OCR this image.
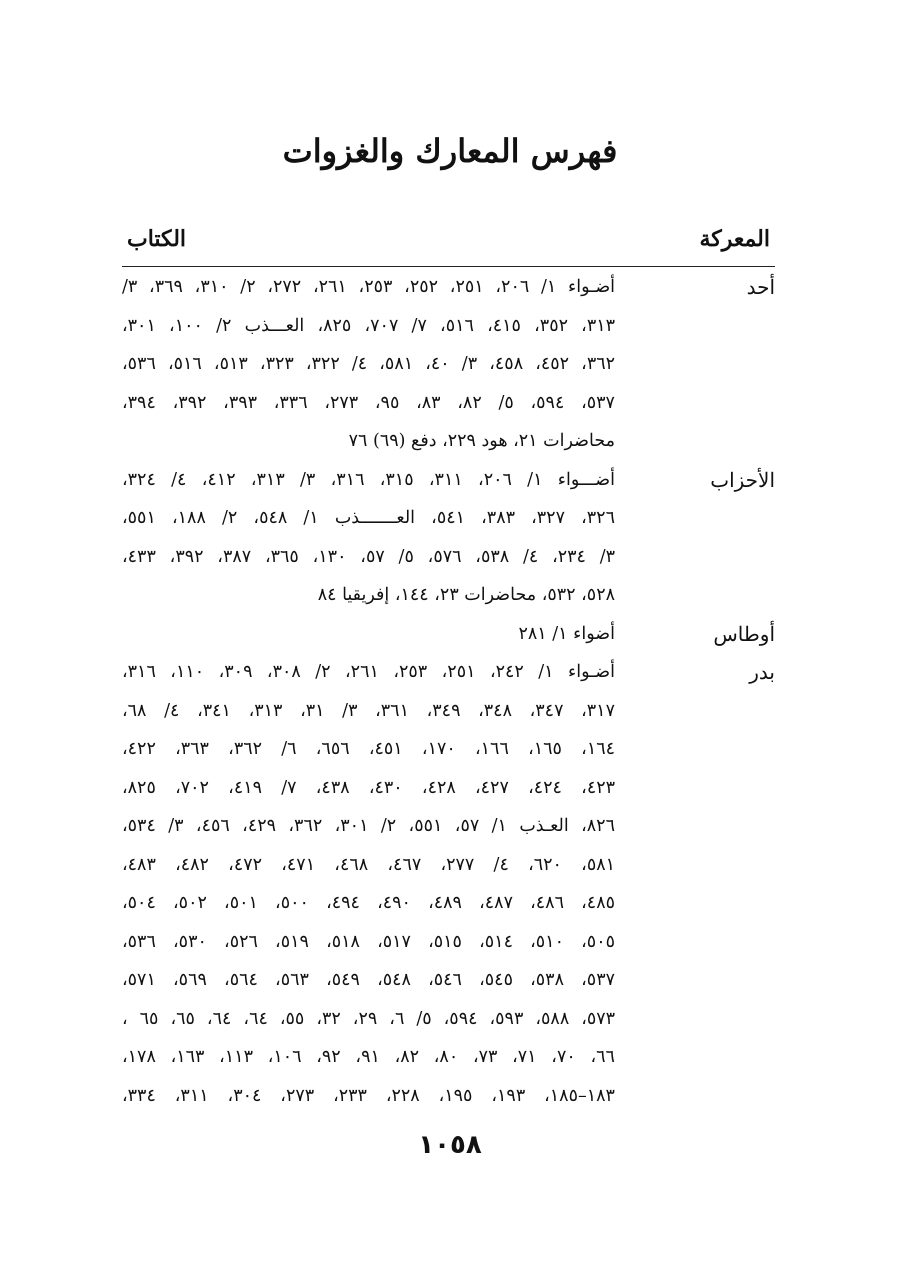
فهرس المعارك والغزوات
المعركة
الكتاب
أحد
أضـواء ١/ ٢٠٦، ٢٥١، ٢٥٢، ٢٥٣، ٢٦١، ٢٧٢، ٢/ ٣١٠، ٣٦٩، ٣/
٣١٣، ٣٥٢، ٤١٥، ٥١٦، ٧/ ٧٠٧، ٨٢٥، العـــذب ٢/ ١٠٠، ٣٠١،
٣٦٢، ٤٥٢، ٤٥٨، ٣/ ٤٠، ٥٨١، ٤/ ٣٢٢، ٣٢٣، ٥١٣، ٥١٦، ٥٣٦،
٥٣٧، ٥٩٤، ٥/ ٨٢، ٨٣، ٩٥، ٢٧٣، ٣٣٦، ٣٩٣، ٣٩٢، ٣٩٤،
محاضرات ٢١، هود ٢٢٩، دفع (٦٩) ٧٦
الأحزاب
أضـــواء ١/ ٢٠٦، ٣١١، ٣١٥، ٣١٦، ٣/ ٣١٣، ٤١٢، ٤/ ٣٢٤،
٣٢٦، ٣٢٧، ٣٨٣، ٥٤١، العـــــــذب ١/ ٥٤٨، ٢/ ١٨٨، ٥٥١،
٣/ ٢٣٤، ٤/ ٥٣٨، ٥٧٦، ٥/ ٥٧، ١٣٠، ٣٦٥، ٣٨٧، ٣٩٢، ٤٣٣،
٥٢٨، ٥٣٢، محاضرات ٢٣، ١٤٤، إفريقيا ٨٤
أوطاس
أضواء ١/ ٢٨١
بدر
أضـواء ١/ ٢٤٢، ٢٥١، ٢٥٣، ٢٦١، ٢/ ٣٠٨، ٣٠٩، ١١٠، ٣١٦،
٣١٧، ٣٤٧، ٣٤٨، ٣٤٩، ٣٦١، ٣/ ٣١، ٣١٣، ٣٤١، ٤/ ٦٨،
١٦٤، ١٦٥، ١٦٦، ١٧٠، ٤٥١، ٦٥٦، ٦/ ٣٦٢، ٣٦٣، ٤٢٢،
٤٢٣، ٤٢٤، ٤٢٧، ٤٢٨، ٤٣٠، ٤٣٨، ٧/ ٤١٩، ٧٠٢، ٨٢٥،
٨٢٦، العـذب ١/ ٥٧، ٥٥١، ٢/ ٣٠١، ٣٦٢، ٤٢٩، ٤٥٦، ٣/ ٥٣٤،
٥٨١، ٦٢٠، ٤/ ٢٧٧، ٤٦٧، ٤٦٨، ٤٧١، ٤٧٢، ٤٨٢، ٤٨٣،
٤٨٥، ٤٨٦، ٤٨٧، ٤٨٩، ٤٩٠، ٤٩٤، ٥٠٠، ٥٠١، ٥٠٢، ٥٠٤،
٥٠٥، ٥١٠، ٥١٤، ٥١٥، ٥١٧، ٥١٨، ٥١٩، ٥٢٦، ٥٣٠، ٥٣٦،
٥٣٧، ٥٣٨، ٥٤٥، ٥٤٦، ٥٤٨، ٥٤٩، ٥٦٣، ٥٦٤، ٥٦٩، ٥٧١،
٥٧٣، ٥٨٨، ٥٩٣، ٥٩٤، ٥/ ٦، ٢٩، ٣٢، ٥٥، ٦٤، ٦٤، ٦٥، ٦٥ ،
٦٦، ٧٠، ٧١، ٧٣، ٨٠، ٨٢، ٩١، ٩٢، ١٠٦، ١١٣، ١٦٣، ١٧٨،
١٨٣–١٨٥، ١٩٣، ١٩٥، ٢٢٨، ٢٣٣، ٢٧٣، ٣٠٤، ٣١١، ٣٣٤،
١٠٥٨
